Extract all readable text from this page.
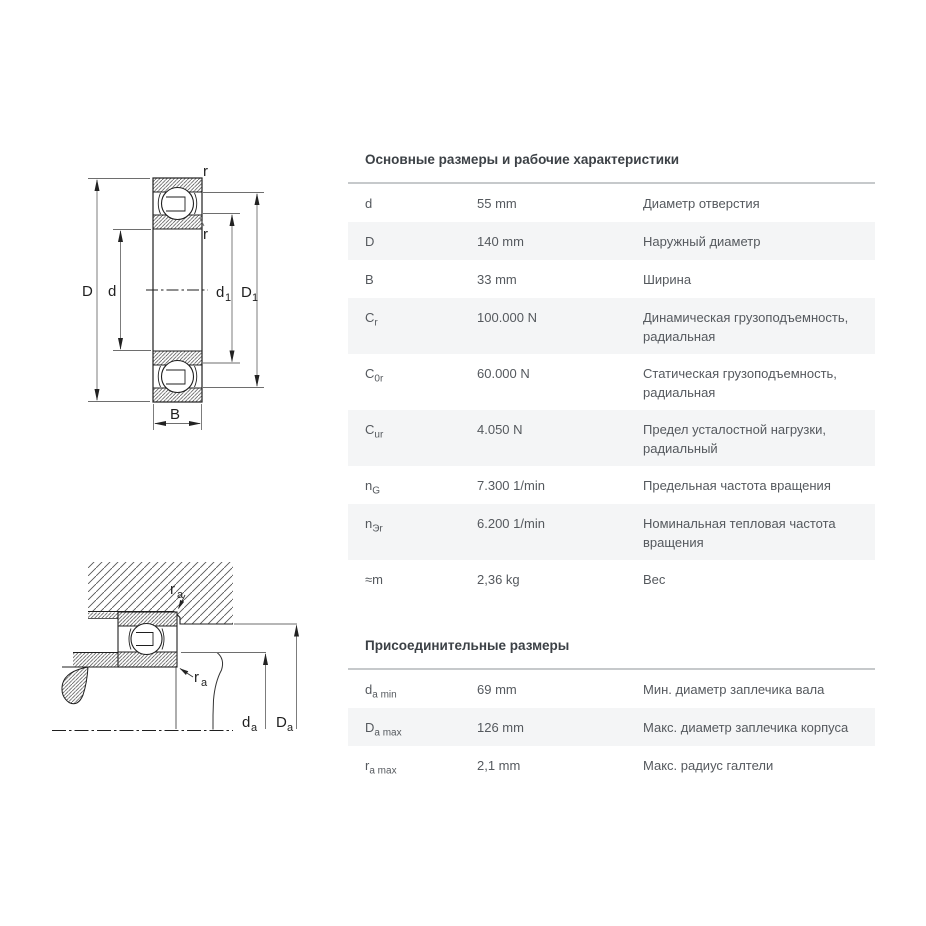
D d	d 1 D 1
B
r
r
r a
r a
d a D a
Основные размеры и рабочие характеристики
d	55 mm	Диаметр отверстия
D	140 mm	Наружный диаметр
B	33 mm	Ширина
$C_r$	100.000 N	Динамическая грузоподъемность, радиальная
$C_{0r}$	60.000 N	Статическая грузоподъемность, радиальная
$C_{ur}$	4.050 N	Предел усталостной нагрузки, радиальный
$n_G$	7.300 1/min	Предельная частота вращения
$n_{Эr}$	6.200 1/min	Номинальная тепловая частота вращения
≈m	2,36 kg	Вес
Присоединительные размеры
$d_{a min}$	69 mm	Мин. диаметр заплечика вала
$D_{a max}$	126 mm	Макс. диаметр заплечика корпуса
$r_{a max}$	2,1 mm	Макс. радиус галтели
